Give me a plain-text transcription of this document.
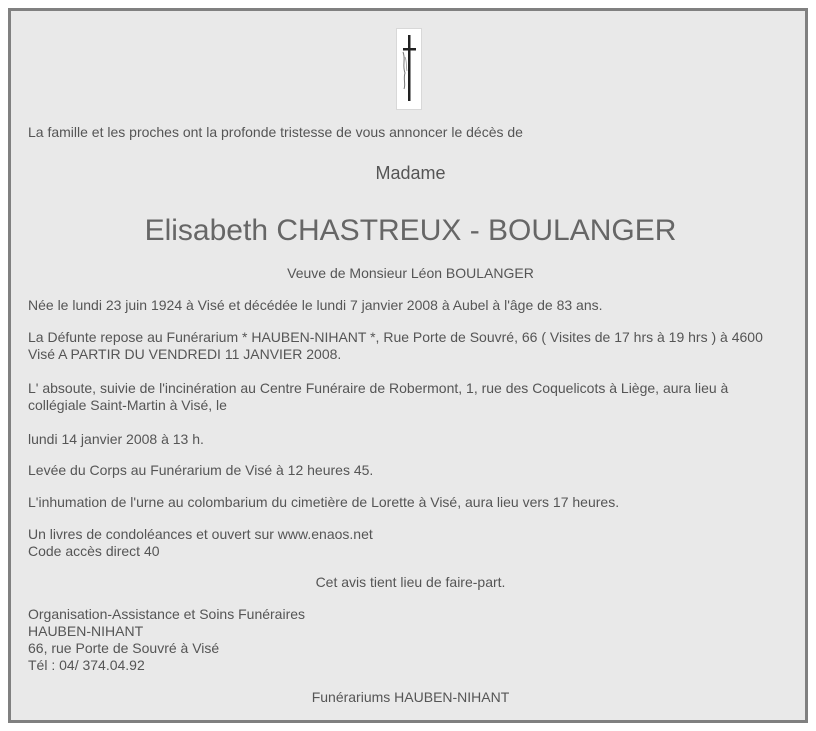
La famille et les proches ont la profonde tristesse de vous annoncer le décès de

Madame

Elisabeth CHASTREUX - BOULANGER

Veuve de Monsieur Léon BOULANGER

Née le lundi 23 juin 1924 à Visé et décédée le lundi 7 janvier 2008 à Aubel à l'âge de 83 ans.

La Défunte repose au Funérarium * HAUBEN-NIHANT *, Rue Porte de Souvré, 66 ( Visites de 17 hrs à 19 hrs ) à 4600
Visé A PARTIR DU VENDREDI 11 JANVIER 2008.
L' absoute, suivie de l'incinération au Centre Funéraire de Robermont, 1, rue des Coquelicots à Liège, aura lieu à
collégiale Saint-Martin à Visé, le

lundi 14 janvier 2008 à 13 h.

Levée du Corps au Funérarium de Visé à 12 heures 45.

L'inhumation de l'urne au colombarium du cimetière de Lorette à Visé, aura lieu vers 17 heures.

Un livres de condoléances et ouvert sur www.enaos.net
Code accès direct 40

Cet avis tient lieu de faire-part.

Organisation-Assistance et Soins Funéraires
HAUBEN-NIHANT
66, rue Porte de Souvré à Visé
Tél : 04/ 374.04.92

Funérariums HAUBEN-NIHANT
